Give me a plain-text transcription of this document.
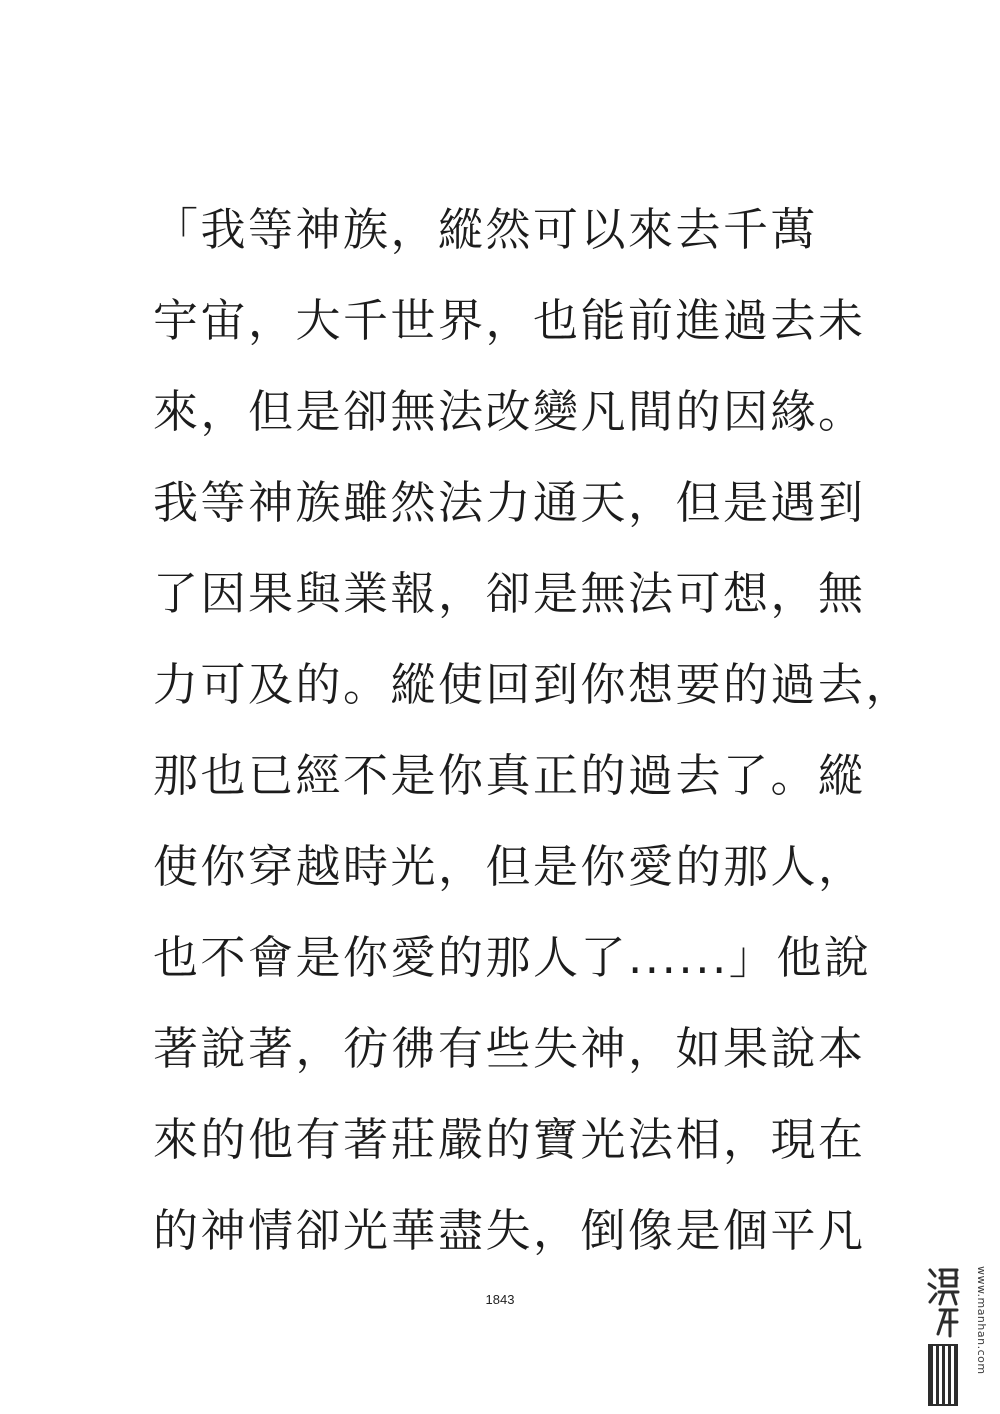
「我等神族，縱然可以來去千萬
宇宙，大千世界，也能前進過去未
來，但是卻無法改變凡間的因緣。
我等神族雖然法力通天，但是遇到
了因果與業報，卻是無法可想，無
力可及的。縱使回到你想要的過去，
那也已經不是你真正的過去了。縱
使你穿越時光，但是你愛的那人，
也不會是你愛的那人了......」他說
著說著，彷彿有些失神，如果說本
來的他有著莊嚴的寶光法相，現在
的神情卻光華盡失，倒像是個平凡
1843	www.manhan.com
